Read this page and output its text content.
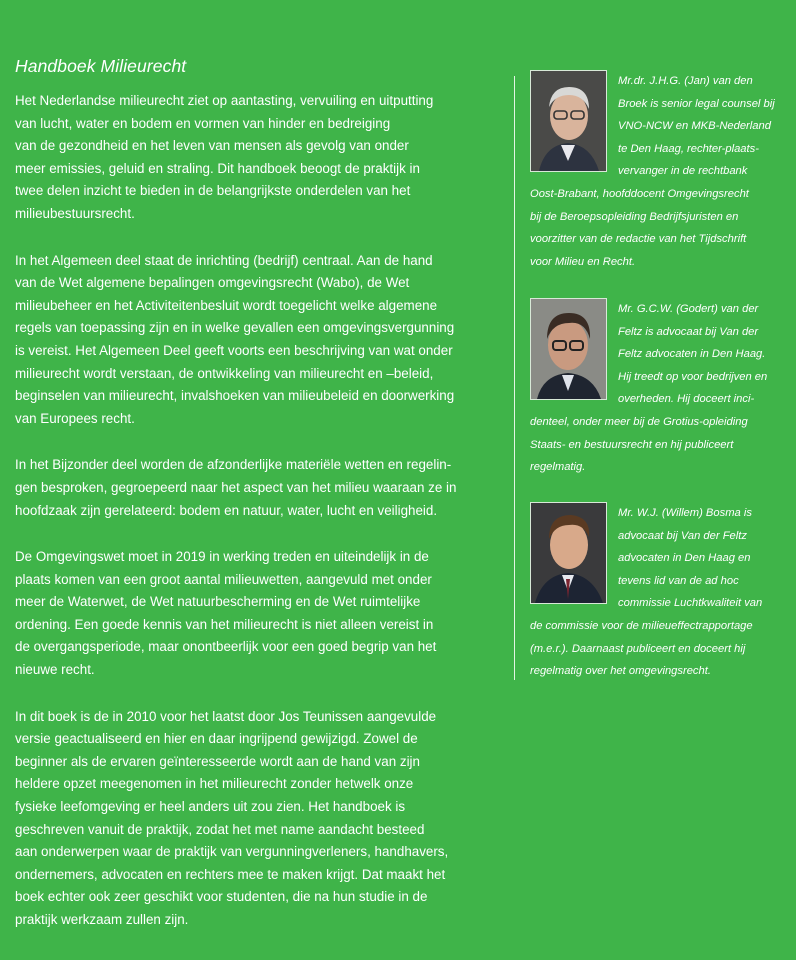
Handboek Milieurecht

Het Nederlandse milieurecht ziet op aantasting, vervuiling en uitputting
van lucht, water en bodem en vormen van hinder en bedreiging
van de gezondheid en het leven van mensen als gevolg van onder
meer emissies, geluid en straling. Dit handboek beoogt de praktijk in
twee delen inzicht te bieden in de belangrijkste onderdelen van het
milieubestuursrecht.

In het Algemeen deel staat de inrichting (bedrijf) centraal. Aan de hand
van de Wet algemene bepalingen omgevingsrecht (Wabo), de Wet
milieubeheer en het Activiteitenbesluit wordt toegelicht welke algemene
regels van toepassing zijn en in welke gevallen een omgevingsvergunning
is vereist. Het Algemeen Deel geeft voorts een beschrijving van wat onder
milieurecht wordt verstaan, de ontwikkeling van milieurecht en –beleid,
beginselen van milieurecht, invalshoeken van milieubeleid en doorwerking
van Europees recht.

In het Bijzonder deel worden de afzonderlijke materiële wetten en regelin-
gen besproken, gegroepeerd naar het aspect van het milieu waaraan ze in
hoofdzaak zijn gerelateerd: bodem en natuur, water, lucht en veiligheid.

De Omgevingswet moet in 2019 in werking treden en uiteindelijk in de
plaats komen van een groot aantal milieuwetten, aangevuld met onder
meer de Waterwet, de Wet natuurbescherming en de Wet ruimtelijke
ordening. Een goede kennis van het milieurecht is niet alleen vereist in
de overgangsperiode, maar onontbeerlijk voor een goed begrip van het
nieuwe recht.

In dit boek is de in 2010 voor het laatst door Jos Teunissen aangevulde
versie geactualiseerd en hier en daar ingrijpend gewijzigd. Zowel de
beginner als de ervaren geïnteresseerde wordt aan de hand van zijn
heldere opzet meegenomen in het milieurecht zonder hetwelk onze
fysieke leefomgeving er heel anders uit zou zien. Het handboek is
geschreven vanuit de praktijk, zodat het met name aandacht besteed
aan onderwerpen waar de praktijk van vergunningverleners, handhavers,
ondernemers, advocaten en rechters mee te maken krijgt. Dat maakt het
boek echter ook zeer geschikt voor studenten, die na hun studie in de
praktijk werkzaam zullen zijn.

Mr.dr. J.H.G. (Jan) van den
Broek is senior legal counsel bij
VNO-NCW en MKB-Nederland
te Den Haag, rechter-plaats-
vervanger in de rechtbank
Oost-Brabant, hoofddocent Omgevingsrecht
bij de Beroepsopleiding Bedrijfsjuristen en
voorzitter van de redactie van het Tijdschrift
voor Milieu en Recht.
Mr. G.C.W. (Godert) van der
Feltz is advocaat bij Van der
Feltz advocaten in Den Haag.
Hij treedt op voor bedrijven en
overheden. Hij doceert inci-
denteel, onder meer bij de Grotius-opleiding
Staats- en bestuursrecht en hij publiceert
regelmatig.
Mr. W.J. (Willem) Bosma is
advocaat bij Van der Feltz
advocaten in Den Haag en
tevens lid van de ad hoc
commissie Luchtkwaliteit van
de commissie voor de milieueffectrapportage
(m.e.r.). Daarnaast publiceert en doceert hij
regelmatig over het omgevingsrecht.
